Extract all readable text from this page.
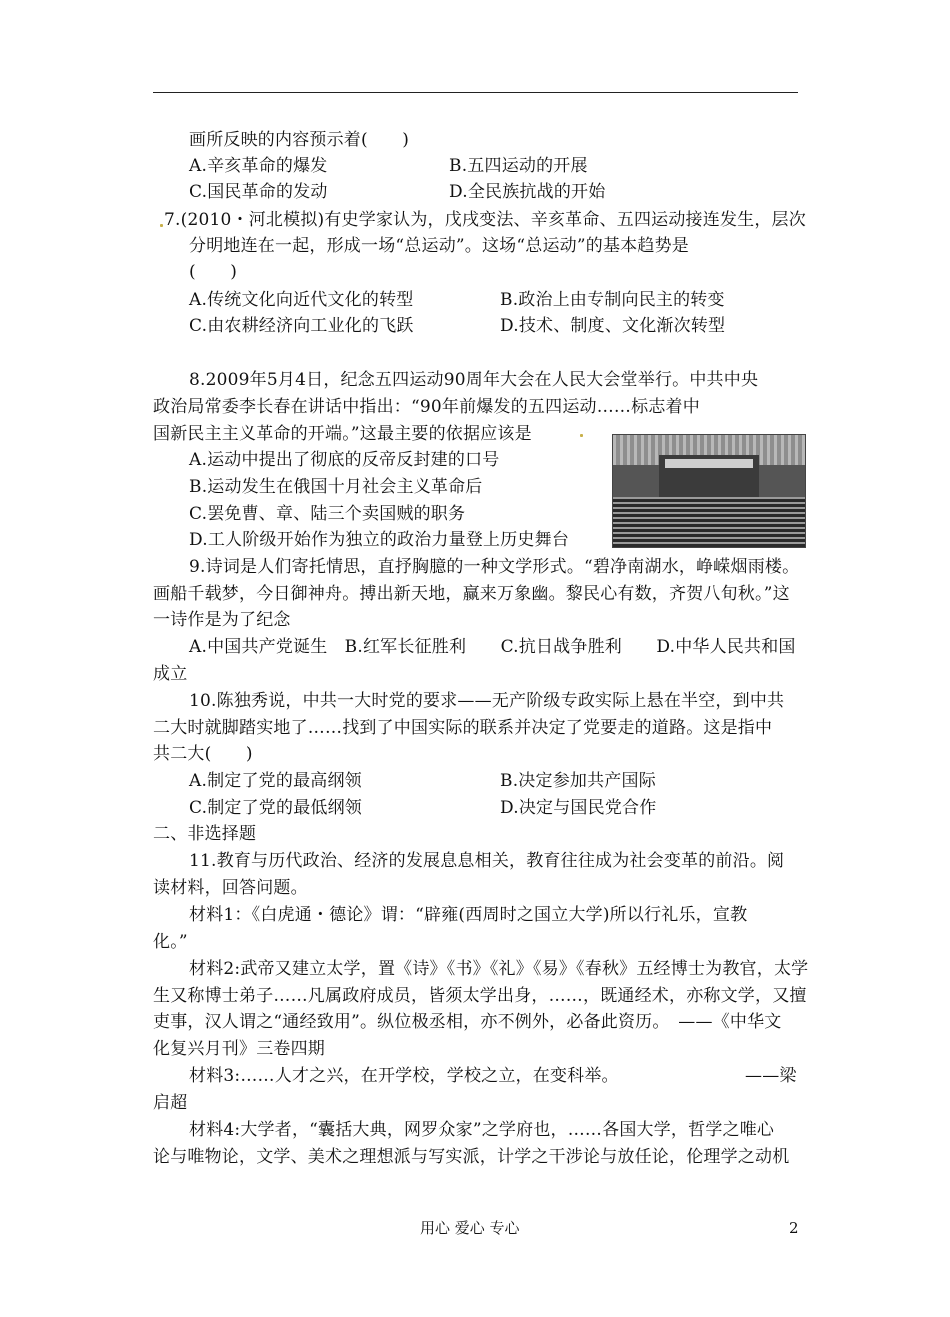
画所反映的内容预示着(　　)
A.辛亥革命的爆发	B.五四运动的开展
C.国民革命的发动	D.全民族抗战的开始
7.(2010・河北模拟)有史学家认为，戊戌变法、辛亥革命、五四运动接连发生，层次
分明地连在一起，形成一场“总运动”。这场“总运动”的基本趋势是
(　　)
A.传统文化向近代文化的转型	B.政治上由专制向民主的转变
C.由农耕经济向工业化的飞跃	D.技术、制度、文化渐次转型
8.2009年5月4日，纪念五四运动90周年大会在人民大会堂举行。中共中央
政治局常委李长春在讲话中指出：“90年前爆发的五四运动……标志着中
国新民主主义革命的开端。”这最主要的依据应该是
A.运动中提出了彻底的反帝反封建的口号
B.运动发生在俄国十月社会主义革命后
C.罢免曹、章、陆三个卖国贼的职务
D.工人阶级开始作为独立的政治力量登上历史舞台
9.诗词是人们寄托情思，直抒胸臆的一种文学形式。“碧净南湖水，峥嵘烟雨楼。
画船千载梦，今日御神舟。搏出新天地，赢来万象幽。黎民心有数，齐贺八旬秋。”这
一诗作是为了纪念
A.中国共产党诞生　B.红军长征胜利　　C.抗日战争胜利　　D.中华人民共和国
成立
10.陈独秀说，中共一大时党的要求——无产阶级专政实际上悬在半空，到中共
二大时就脚踏实地了……找到了中国实际的联系并决定了党要走的道路。这是指中
共二大(　　)
A.制定了党的最高纲领	B.决定参加共产国际
C.制定了党的最低纲领	D.决定与国民党合作
二、非选择题
11.教育与历代政治、经济的发展息息相关，教育往往成为社会变革的前沿。阅
读材料，回答问题。
材料1：《白虎通・德论》谓：“辟雍(西周时之国立大学)所以行礼乐，宣教
化。”
材料2:武帝又建立太学，置《诗》《书》《礼》《易》《春秋》五经博士为教官，太学
生又称博士弟子……凡属政府成员，皆须太学出身，……，既通经术，亦称文学，又擅
吏事，汉人谓之“通经致用”。纵位极丞相，亦不例外，必备此资历。　——《中华文
化复兴月刊》三卷四期
材料3:……人才之兴，在开学校，学校之立，在变科举。	——梁
启超
材料4:大学者，“囊括大典，网罗众家”之学府也，……各国大学，哲学之唯心
论与唯物论，文学、美术之理想派与写实派，计学之干涉论与放任论，伦理学之动机
用心 爱心 专心	2
